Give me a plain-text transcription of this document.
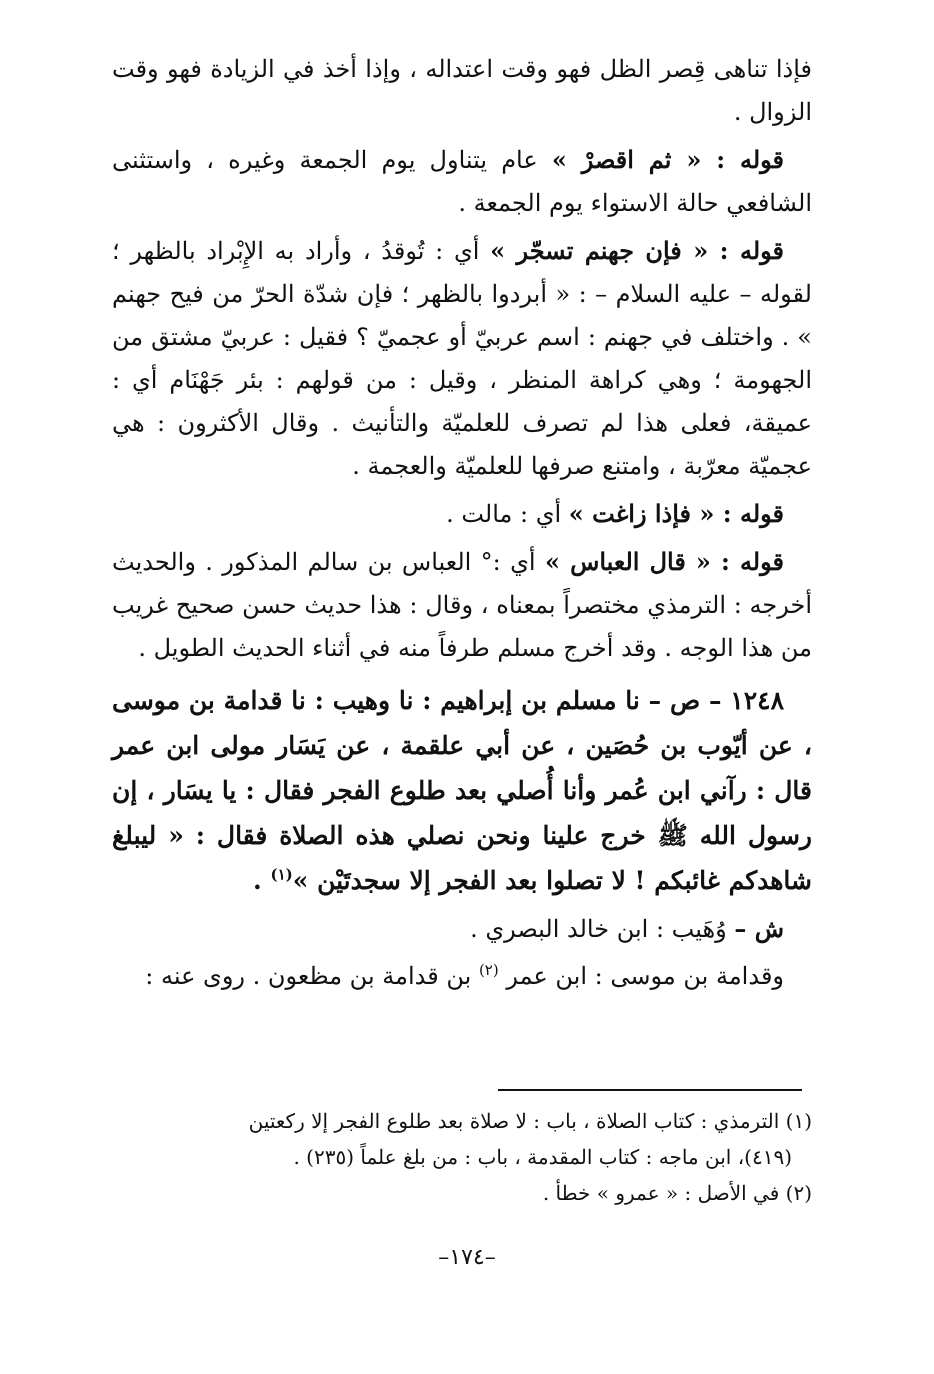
فإذا تناهى قِصر الظل فهو وقت اعتداله ، وإذا أخذ في الزيادة فهو وقت الزوال .

قوله : « ثم اقصرْ » عام يتناول يوم الجمعة وغيره ، واستثنى الشافعي حالة الاستواء يوم الجمعة .

قوله : « فإن جهنم تسجّر » أي : تُوقدُ ، وأراد به الإِبْراد بالظهر ؛ لقوله – عليه السلام – : « أبردوا بالظهر ؛ فإن شدّة الحرّ من فيح جهنم » . واختلف في جهنم : اسم عربيّ أو عجميّ ؟ فقيل : عربيّ مشتق من الجهومة ؛ وهي كراهة المنظر ، وقيل : من قولهم : بئر جَهْنَام أي : عميقة، فعلى هذا لم تصرف للعلميّة والتأنيث . وقال الأكثرون : هي عجميّة معرّبة ، وامتنع صرفها للعلميّة والعجمة .

قوله : « فإذا زاغت » أي : مالت .

قوله : « قال العباس » أي :° العباس بن سالم المذكور . والحديث أخرجه : الترمذي مختصراً بمعناه ، وقال : هذا حديث حسن صحيح غريب من هذا الوجه . وقد أخرج مسلم طرفاً منه في أثناء الحديث الطويل .

١٢٤٨ – ص – نا مسلم بن إبراهيم : نا وهيب : نا قدامة بن موسى ، عن أيّوب بن حُصَين ، عن أبي علقمة ، عن يَسَار مولى ابن عمر قال : رآني ابن عُمر وأنا أُصلي بعد طلوع الفجر فقال : يا يسَار ، إن رسول الله ﷺ خرج علينا ونحن نصلي هذه الصلاة فقال : « ليبلغ شاهدكم غائبكم ! لا تصلوا بعد الفجر إلا سجدتَيْن »$^{(١)}$ .

ش – وُهَيب : ابن خالد البصري .

وقدامة بن موسى : ابن عمر $^{(٢)}$ بن قدامة بن مظعون . روى عنه :

(١) الترمذي : كتاب الصلاة ، باب : لا صلاة بعد طلوع الفجر إلا ركعتين
(٤١٩)، ابن ماجه : كتاب المقدمة ، باب : من بلغ علماً (٢٣٥) .

(٢) في الأصل : « عمرو » خطأ .

–١٧٤–
